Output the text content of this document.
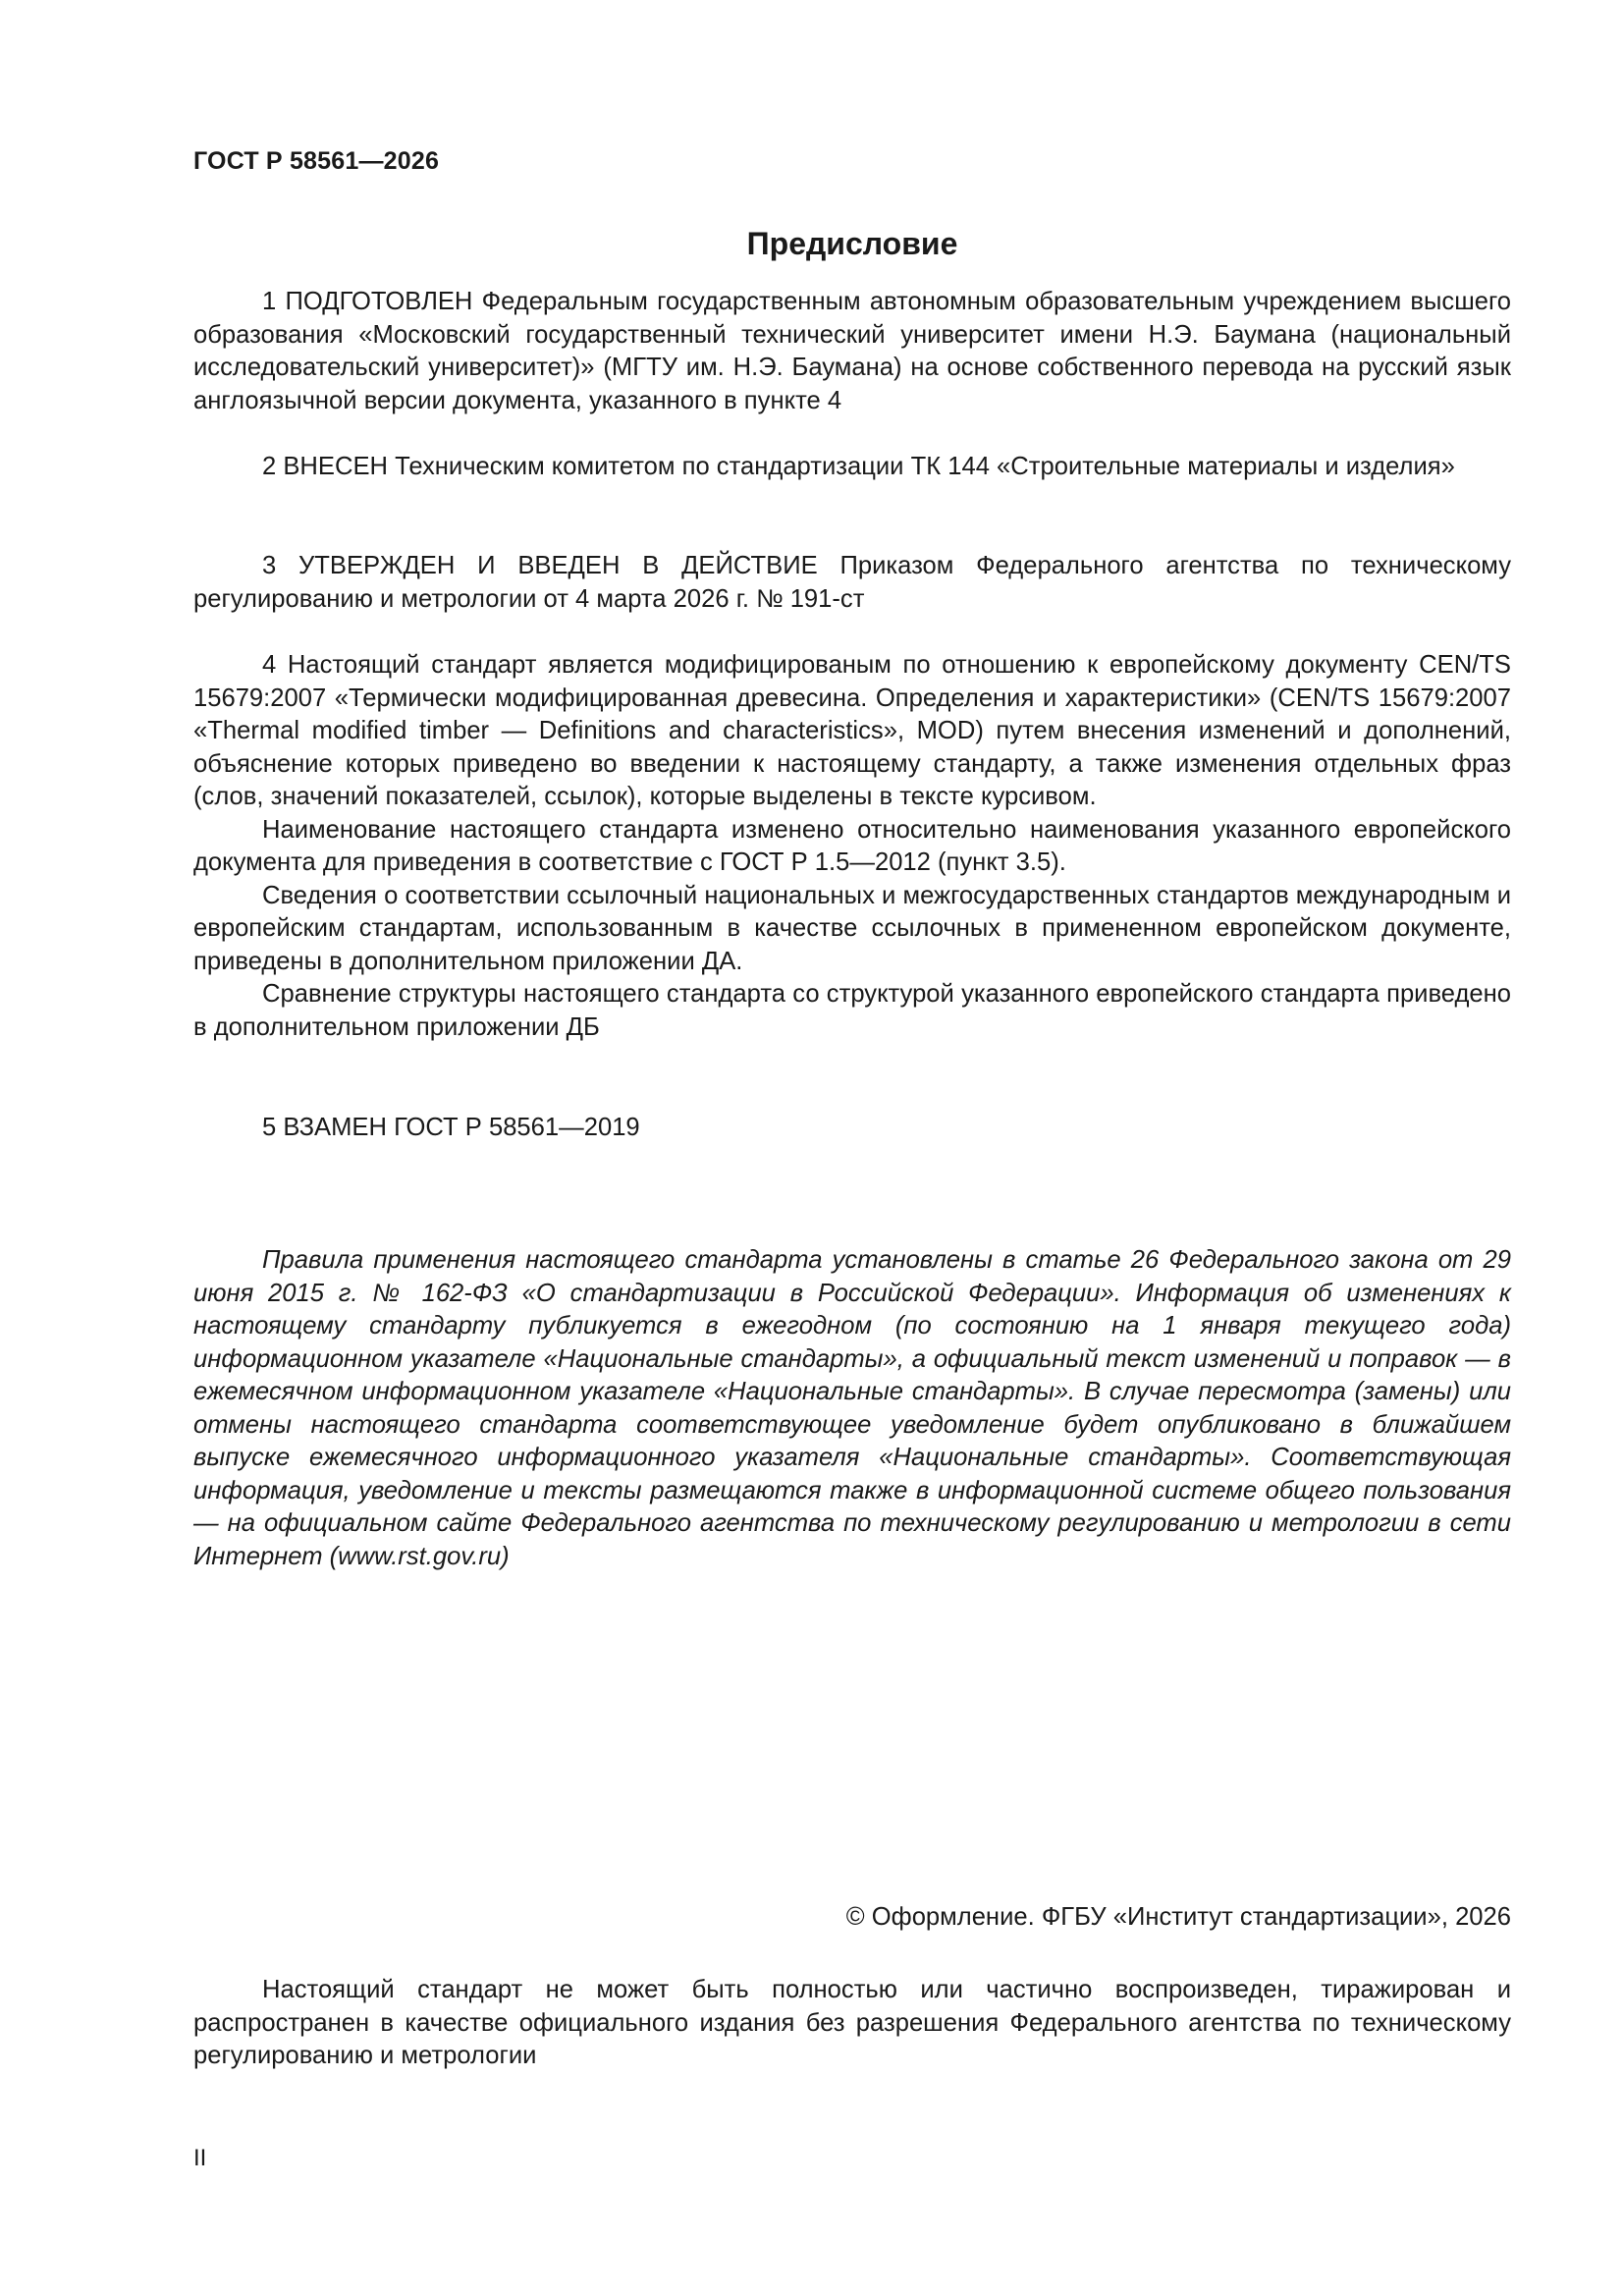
ГОСТ Р 58561—2026
Предисловие

1 ПОДГОТОВЛЕН Федеральным государственным автономным образовательным учреждением высшего образования «Московский государственный технический университет имени Н.Э. Баумана (национальный исследовательский университет)» (МГТУ им. Н.Э. Баумана) на основе собственного перевода на русский язык англоязычной версии документа, указанного в пункте 4

2 ВНЕСЕН Техническим комитетом по стандартизации ТК 144 «Строительные материалы и изделия»

3 УТВЕРЖДЕН И ВВЕДЕН В ДЕЙСТВИЕ Приказом Федерального агентства по техническому регулированию и метрологии от 4 марта 2026 г. № 191-ст

4 Настоящий стандарт является модифицированым по отношению к европейскому документу CEN/TS 15679:2007 «Термически модифицированная древесина. Определения и характеристики» (CEN/TS 15679:2007 «Thermal modified timber — Definitions and characteristics», MOD) путем внесения изменений и дополнений, объяснение которых приведено во введении к настоящему стандарту, а также изменения отдельных фраз (слов, значений показателей, ссылок), которые выделены в тексте курсивом.

Наименование настоящего стандарта изменено относительно наименования указанного европейского документа для приведения в соответствие с ГОСТ Р 1.5—2012 (пункт 3.5).

Сведения о соответствии ссылочный национальных и межгосударственных стандартов международным и европейским стандартам, использованным в качестве ссылочных в примененном европейском документе, приведены в дополнительном приложении ДА.

Сравнение структуры настоящего стандарта со структурой указанного европейского стандарта приведено в дополнительном приложении ДБ

5 ВЗАМЕН ГОСТ Р 58561—2019

Правила применения настоящего стандарта установлены в статье 26 Федерального закона от 29 июня 2015 г. № 162-ФЗ «О стандартизации в Российской Федерации». Информация об изменениях к настоящему стандарту публикуется в ежегодном (по состоянию на 1 января текущего года) информационном указателе «Национальные стандарты», а официальный текст изменений и поправок — в ежемесячном информационном указателе «Национальные стандарты». В случае пересмотра (замены) или отмены настоящего стандарта соответствующее уведомление будет опубликовано в ближайшем выпуске ежемесячного информационного указателя «Национальные стандарты». Соответствующая информация, уведомление и тексты размещаются также в информационной системе общего пользования — на официальном сайте Федерального агентства по техническому регулированию и метрологии в сети Интернет (www.rst.gov.ru)

© Оформление. ФГБУ «Институт стандартизации», 2026

Настоящий стандарт не может быть полностью или частично воспроизведен, тиражирован и распространен в качестве официального издания без разрешения Федерального агентства по техническому регулированию и метрологии

II
